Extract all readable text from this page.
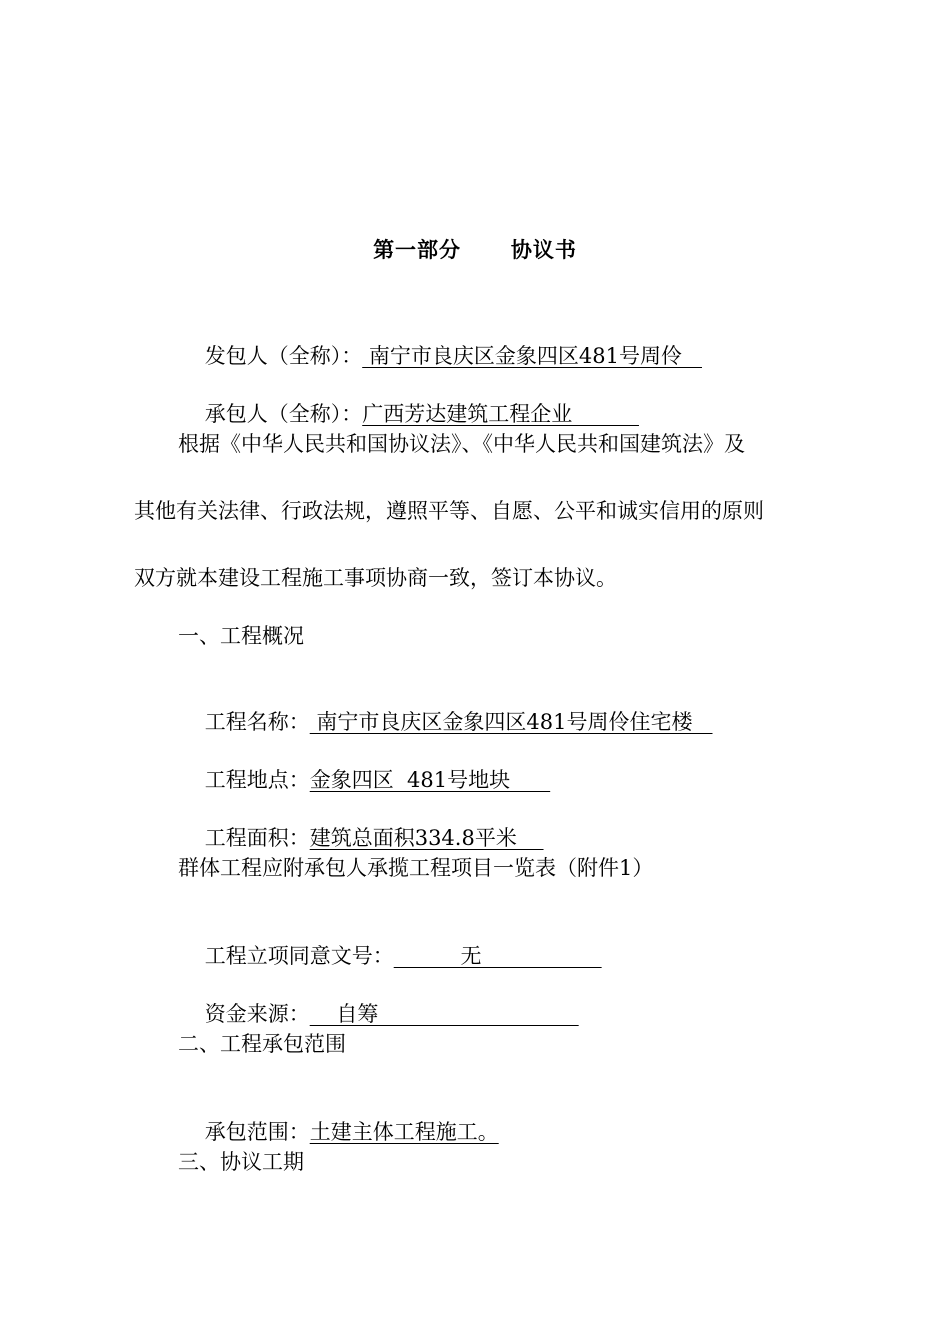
第一部分      协议书

发包人（全称）： 南宁市良庆区金象四区481号周伶

承包人（全称）：广西芳达建筑工程企业

根据《中华人民共和国协议法》、《中华人民共和国建筑法》及
其他有关法律、行政法规，遵照平等、自愿、公平和诚实信用的原则
双方就本建设工程施工事项协商一致，签订本协议。
一、工程概况

工程名称： 南宁市良庆区金象四区481号周伶住宅楼

工程地点：金象四区  481号地块

工程面积：建筑总面积334.8平米

群体工程应附承包人承揽工程项目一览表（附件1）

工程立项同意文号：          无

资金来源：    自筹

二、工程承包范围

承包范围：土建主体工程施工。

三、协议工期
